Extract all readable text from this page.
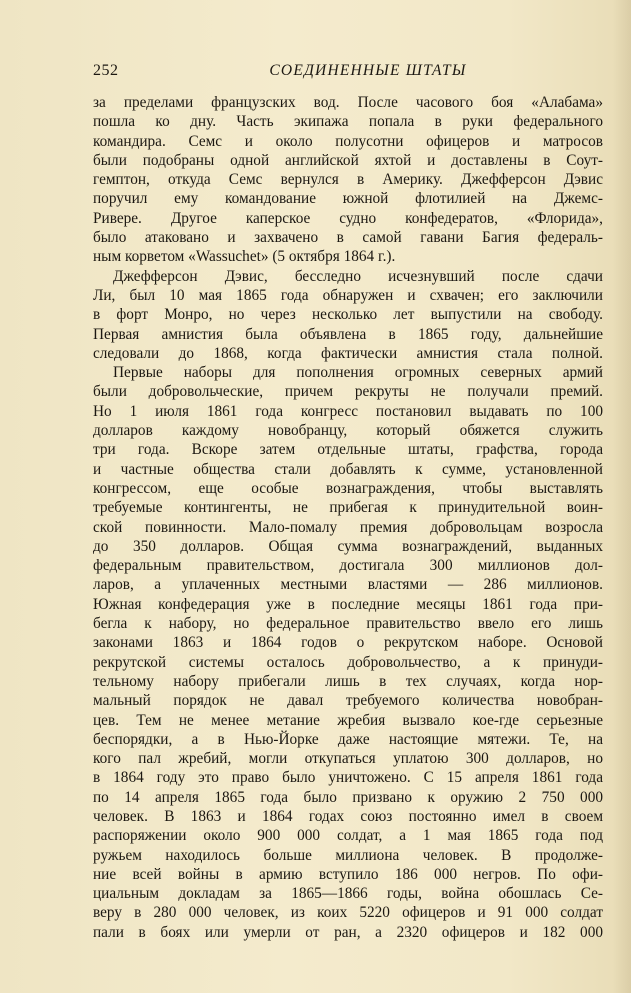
252	СОЕДИНЕННЫЕ ШТАТЫ
за пределами французских вод. После часового боя «Алабама»
пошла ко дну. Часть экипажа попала в руки федерального
командира. Семс и около полусотни офицеров и матросов
были подобраны одной английской яхтой и доставлены в Соут-
гемптон, откуда Семс вернулся в Америку. Джефферсон Дэвис
поручил ему командование южной флотилией на Джемс-
Ривере. Другое каперское судно конфедератов, «Флорида»,
было атаковано и захвачено в самой гавани Багия федераль-
ным корветом «Wassuchet» (5 октября 1864 г.).
Джефферсон Дэвис, бесследно исчезнувший после сдачи
Ли, был 10 мая 1865 года обнаружен и схвачен; его заключили
в форт Монро, но через несколько лет выпустили на свободу.
Первая амнистия была объявлена в 1865 году, дальнейшие
следовали до 1868, когда фактически амнистия стала полной.
Первые наборы для пополнения огромных северных армий
были добровольческие, причем рекруты не получали премий.
Но 1 июля 1861 года конгресс постановил выдавать по 100
долларов каждому новобранцу, который обяжется служить
три года. Вскоре затем отдельные штаты, графства, города
и частные общества стали добавлять к сумме, установленной
конгрессом, еще особые вознаграждения, чтобы выставлять
требуемые контингенты, не прибегая к принудительной воин-
ской повинности. Мало-помалу премия добровольцам возросла
до 350 долларов. Общая сумма вознаграждений, выданных
федеральным правительством, достигала 300 миллионов дол-
ларов, а уплаченных местными властями — 286 миллионов.
Южная конфедерация уже в последние месяцы 1861 года при-
бегла к набору, но федеральное правительство ввело его лишь
законами 1863 и 1864 годов о рекрутском наборе. Основой
рекрутской системы осталось добровольчество, а к принуди-
тельному набору прибегали лишь в тех случаях, когда нор-
мальный порядок не давал требуемого количества новобран-
цев. Тем не менее метание жребия вызвало кое-где серьезные
беспорядки, а в Нью-Йорке даже настоящие мятежи. Те, на
кого пал жребий, могли откупаться уплатою 300 долларов, но
в 1864 году это право было уничтожено. С 15 апреля 1861 года
по 14 апреля 1865 года было призвано к оружию 2 750 000
человек. В 1863 и 1864 годах союз постоянно имел в своем
распоряжении около 900 000 солдат, а 1 мая 1865 года под
ружьем находилось больше миллиона человек. В продолже-
ние всей войны в армию вступило 186 000 негров. По офи-
циальным докладам за 1865—1866 годы, война обошлась Се-
веру в 280 000 человек, из коих 5220 офицеров и 91 000 солдат
пали в боях или умерли от ран, а 2320 офицеров и 182 000
